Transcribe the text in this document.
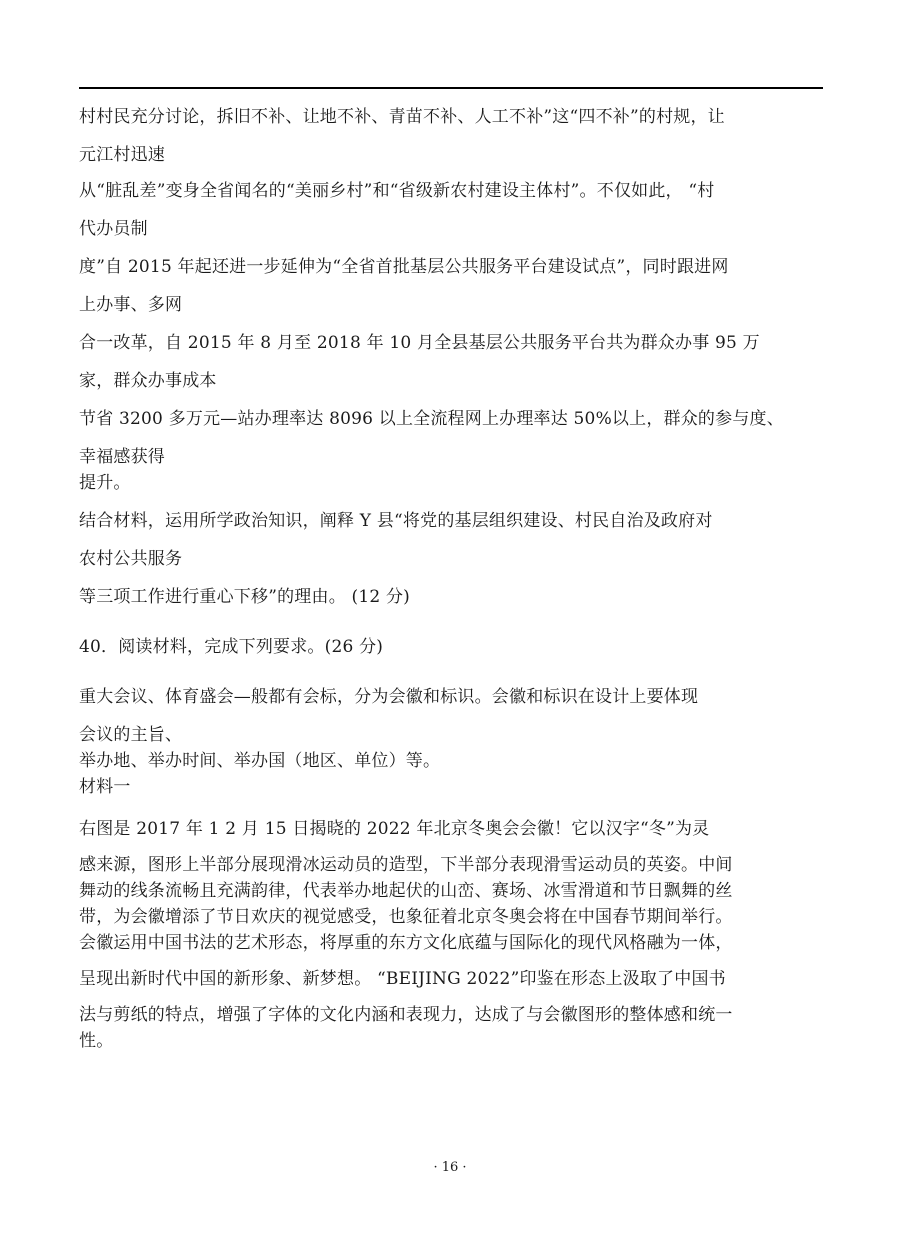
村村民充分讨论，拆旧不补、让地不补、青苗不补、人工不补”这“四不补”的村规，让
元江村迅速
从“脏乱差”变身全省闻名的“美丽乡村”和“省级新农村建设主体村”。不仅如此， “村
代办员制
度”自 2015 年起还进一步延伸为“全省首批基层公共服务平台建设试点”，同时跟进网
上办事、多网
合一改革，自 2015 年 8 月至 2018 年 10 月全县基层公共服务平台共为群众办事 95 万
家，群众办事成本
节省 3200 多万元—站办理率达 8096 以上全流程网上办理率达 50%以上，群众的参与度、
幸福感获得
提升。
结合材料，运用所学政治知识，阐释 Y 县“将党的基层组织建设、村民自治及政府对
农村公共服务
等三项工作进行重心下移”的理由。 (12 分)
40．阅读材料，完成下列要求。(26 分)
重大会议、体育盛会—般都有会标，分为会徽和标识。会徽和标识在设计上要体现
会议的主旨、
举办地、举办时间、举办国（地区、单位）等。
材料一
右图是 2017 年 1 2 月 15 日揭晓的 2022 年北京冬奥会会徽！它以汉字“冬”为灵
感来源，图形上半部分展现滑冰运动员的造型，下半部分表现滑雪运动员的英姿。中间
舞动的线条流畅且充满韵律，代表举办地起伏的山峦、赛场、冰雪滑道和节日飘舞的丝
带，为会徽增添了节日欢庆的视觉感受，也象征着北京冬奥会将在中国春节期间举行。
会徽运用中国书法的艺术形态，将厚重的东方文化底蕴与国际化的现代风格融为一体，
呈现出新时代中国的新形象、新梦想。 “BEIJING 2022”印鉴在形态上汲取了中国书
法与剪纸的特点，增强了字体的文化内涵和表现力，达成了与会徽图形的整体感和统一
性。
· 16 ·
